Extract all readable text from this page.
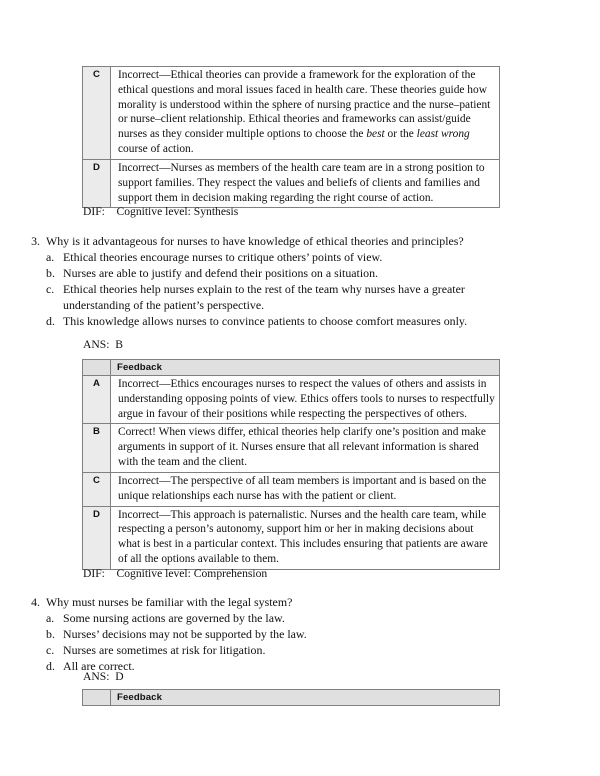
C	Incorrect—Ethical theories can provide a framework for the exploration of the ethical questions and moral issues faced in health care. These theories guide how morality is understood within the sphere of nursing practice and the nurse–patient or nurse–client relationship. Ethical theories and frameworks can assist/guide nurses as they consider multiple options to choose the best or the least wrong course of action.

D	Incorrect—Nurses as members of the health care team are in a strong position to support families. They respect the values and beliefs of clients and families and support them in decision making regarding the right course of action.
DIF:    Cognitive level: Synthesis
3. Why is it advantageous for nurses to have knowledge of ethical theories and principles?
a. Ethical theories encourage nurses to critique others’ points of view.
b. Nurses are able to justify and defend their positions on a situation.
c. Ethical theories help nurses explain to the rest of the team why nurses have a greater understanding of the patient’s perspective.
d. This knowledge allows nurses to convince patients to choose comfort measures only.
ANS:  B
	Feedback
A	Incorrect—Ethics encourages nurses to respect the values of others and assists in understanding opposing points of view. Ethics offers tools to nurses to respectfully argue in favour of their positions while respecting the perspectives of others.
B	Correct! When views differ, ethical theories help clarify one’s position and make arguments in support of it. Nurses ensure that all relevant information is shared with the team and the client.
C	Incorrect—The perspective of all team members is important and is based on the unique relationships each nurse has with the patient or client.
D	Incorrect—This approach is paternalistic. Nurses and the health care team, while respecting a person’s autonomy, support him or her in making decisions about what is best in a particular context. This includes ensuring that patients are aware of all the options available to them.
DIF:    Cognitive level: Comprehension
4. Why must nurses be familiar with the legal system?
a. Some nursing actions are governed by the law.
b. Nurses’ decisions may not be supported by the law.
c. Nurses are sometimes at risk for litigation.
d. All are correct.
ANS:  D
	Feedback
